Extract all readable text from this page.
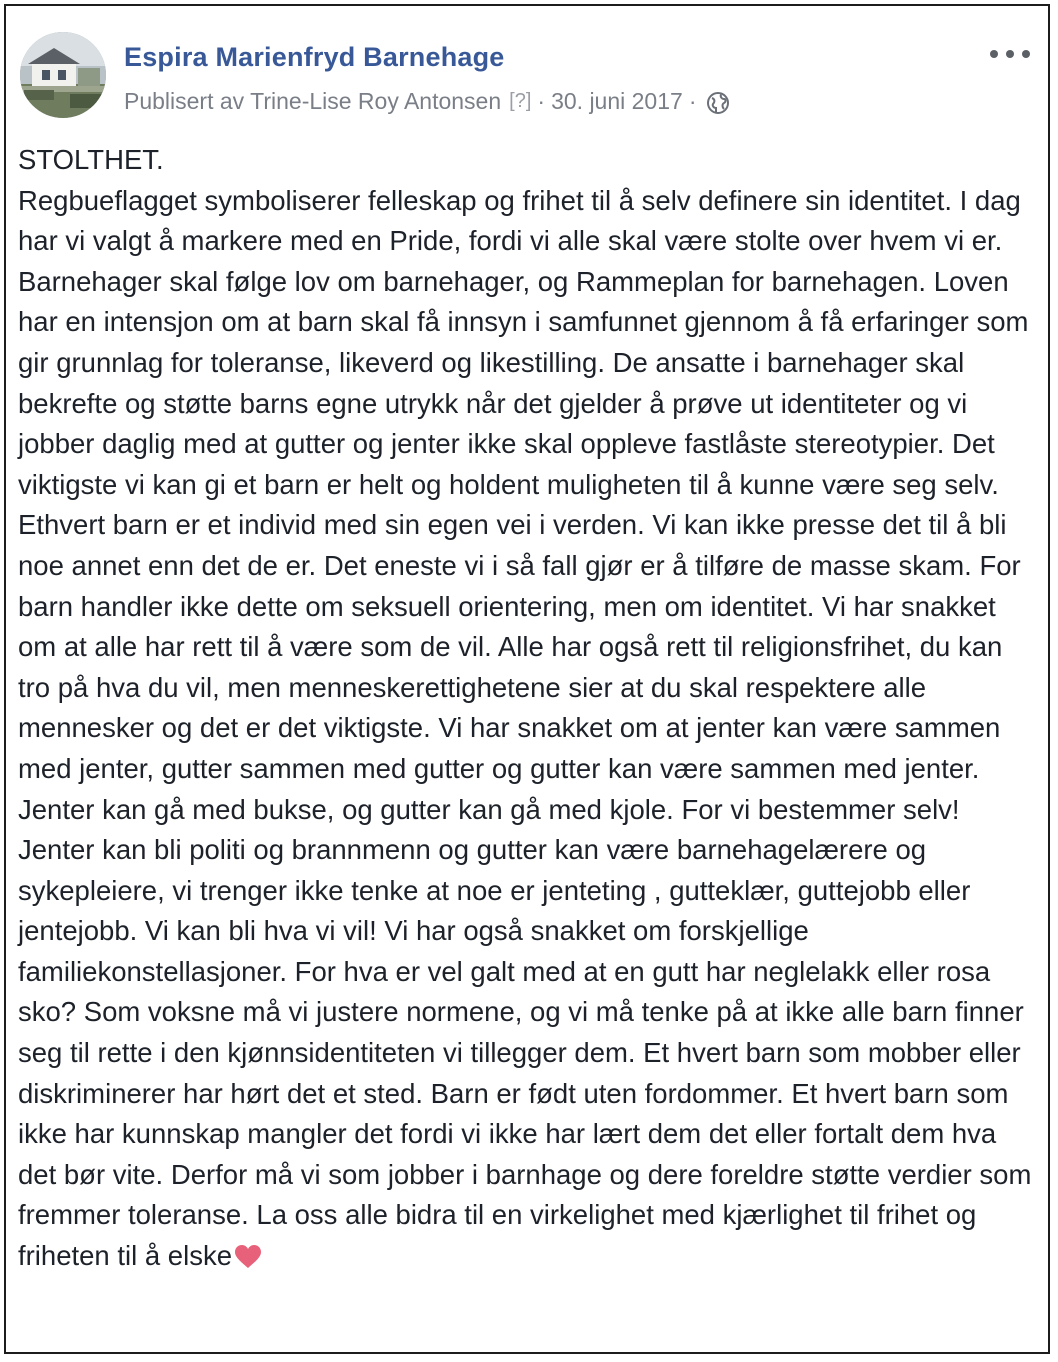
Espira Marienfryd Barnehage
Publisert av Trine-Lise Roy Antonsen [?] · 30. juni 2017 ·

STOLTHET.

Regbueflagget symboliserer felleskap og frihet til å selv definere sin identitet. I dag har vi valgt å markere med en Pride, fordi vi alle skal være stolte over hvem vi er. Barnehager skal følge lov om barnehager, og Rammeplan for barnehagen. Loven har en intensjon om at barn skal få innsyn i samfunnet gjennom å få erfaringer som gir grunnlag for toleranse, likeverd og likestilling. De ansatte i barnehager skal bekrefte og støtte barns egne utrykk når det gjelder å prøve ut identiteter og vi jobber daglig med at gutter og jenter ikke skal oppleve fastlåste stereotypier. Det viktigste vi kan gi et barn er helt og holdent muligheten til å kunne være seg selv. Ethvert barn er et individ med sin egen vei i verden. Vi kan ikke presse det til å bli noe annet enn det de er. Det eneste vi i så fall gjør er å tilføre de masse skam. For barn handler ikke dette om seksuell orientering, men om identitet. Vi har snakket om at alle har rett til å være som de vil. Alle har også rett til religionsfrihet, du kan tro på hva du vil, men menneskerettighetene sier at du skal respektere alle mennesker og det er det viktigste. Vi har snakket om at jenter kan være sammen med jenter, gutter sammen med gutter og gutter kan være sammen med jenter. Jenter kan gå med bukse, og gutter kan gå med kjole. For vi bestemmer selv! Jenter kan bli politi og brannmenn og gutter kan være barnehagelærere og sykepleiere, vi trenger ikke tenke at noe er jenteting , gutteklær, guttejobb eller jentejobb. Vi kan bli hva vi vil! Vi har også snakket om forskjellige familiekonstellasjoner. For hva er vel galt med at en gutt har neglelakk eller rosa sko? Som voksne må vi justere normene, og vi må tenke på at ikke alle barn finner seg til rette i den kjønnsidentiteten vi tillegger dem. Et hvert barn som mobber eller diskriminerer har hørt det et sted. Barn er født uten fordommer. Et hvert barn som ikke har kunnskap mangler det fordi vi ikke har lært dem det eller fortalt dem hva det bør vite. Derfor må vi som jobber i barnhage og dere foreldre støtte verdier som fremmer toleranse. La oss alle bidra til en virkelighet med kjærlighet til frihet og friheten til å elske
